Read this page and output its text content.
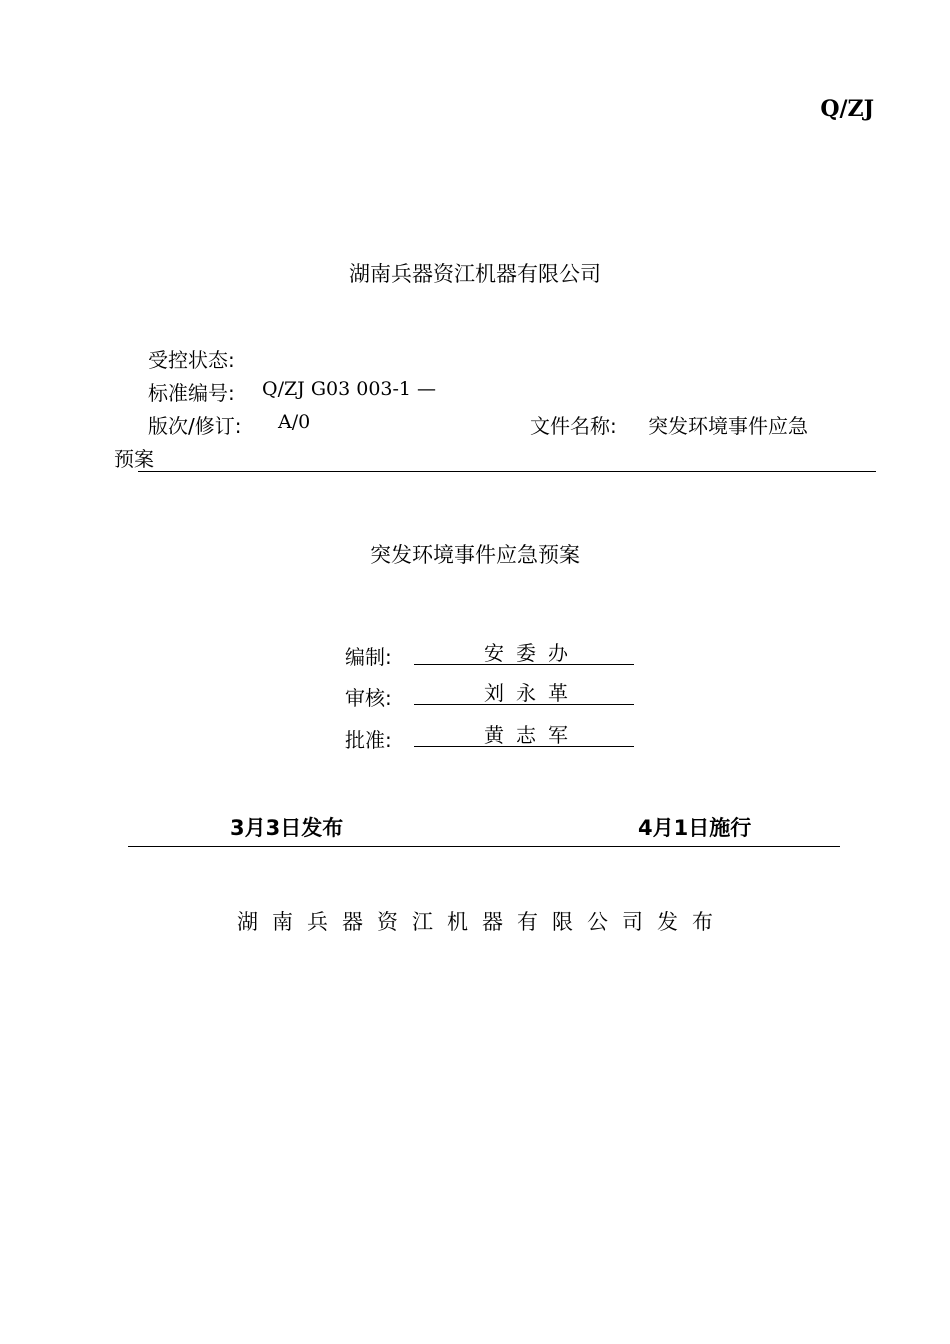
Q/ZJ
湖南兵器资江机器有限公司
受控状态:
标准编号: Q/ZJ G03 003-1 —
版次/修订: A/0	文件名称: 突发环境事件应急
预案
突发环境事件应急预案
编制:	安委办
审核:	刘永革
批准:	黄志军
3月3日发布	4月1日施行
湖南兵器资江机器有限公司发布
